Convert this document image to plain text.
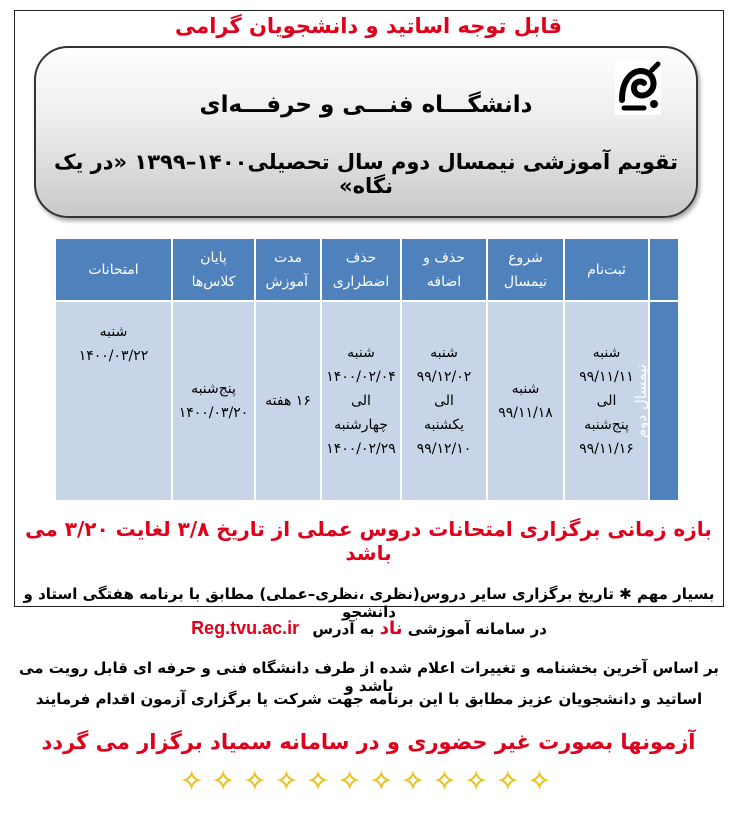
قابل توجه اساتید و دانشجویان گرامی
دانشگـــاه فنـــی و حرفـــه‌ای
تقویم آموزشی نیمسال دوم سال تحصیلی۱۴۰۰–۱۳۹۹ «در یک نگاه»
	ثبت‌نام	شروع نیمسال	حذف و اضافه	حذف اضطراری	مدت آموزش	پایان کلاس‌ها	امتحانات
نیمسال دوم	شنبه ۹۹/۱۱/۱۱ الی پنج‌شنبه ۹۹/۱۱/۱۶	شنبه ۹۹/۱۱/۱۸	شنبه ۹۹/۱۲/۰۲ الی یکشنبه ۹۹/۱۲/۱۰	شنبه ۱۴۰۰/۰۲/۰۴ الی چهارشنبه ۱۴۰۰/۰۲/۲۹	۱۶ هفته	پنج‌شنبه ۱۴۰۰/۰۳/۲۰	شنبه ۱۴۰۰/۰۳/۲۲
بازه زمانی برگزاری امتحانات دروس عملی از تاریخ ۳/۸ لغایت ۳/۲۰ می باشد
بسیار مهم ✱ تاریخ برگزاری سایر دروس(نظری ،نظری–عملی) مطابق با برنامه هفتگی استاد و دانشجو
در سامانه آموزشی ناد به آدرس Reg.tvu.ac.ir
بر اساس آخرین بخشنامه و تغییرات اعلام شده از طرف دانشگاه فنی و حرفه ای قابل رویت می باشد و
اساتید و دانشجویان عزیز مطابق با این برنامه جهت شرکت یا برگزاری آزمون اقدام فرمایند
آزمونها بصورت غیر حضوری و در سامانه سمیاد برگزار می گردد
✧✧✧✧✧✧✧✧✧✧✧✧
